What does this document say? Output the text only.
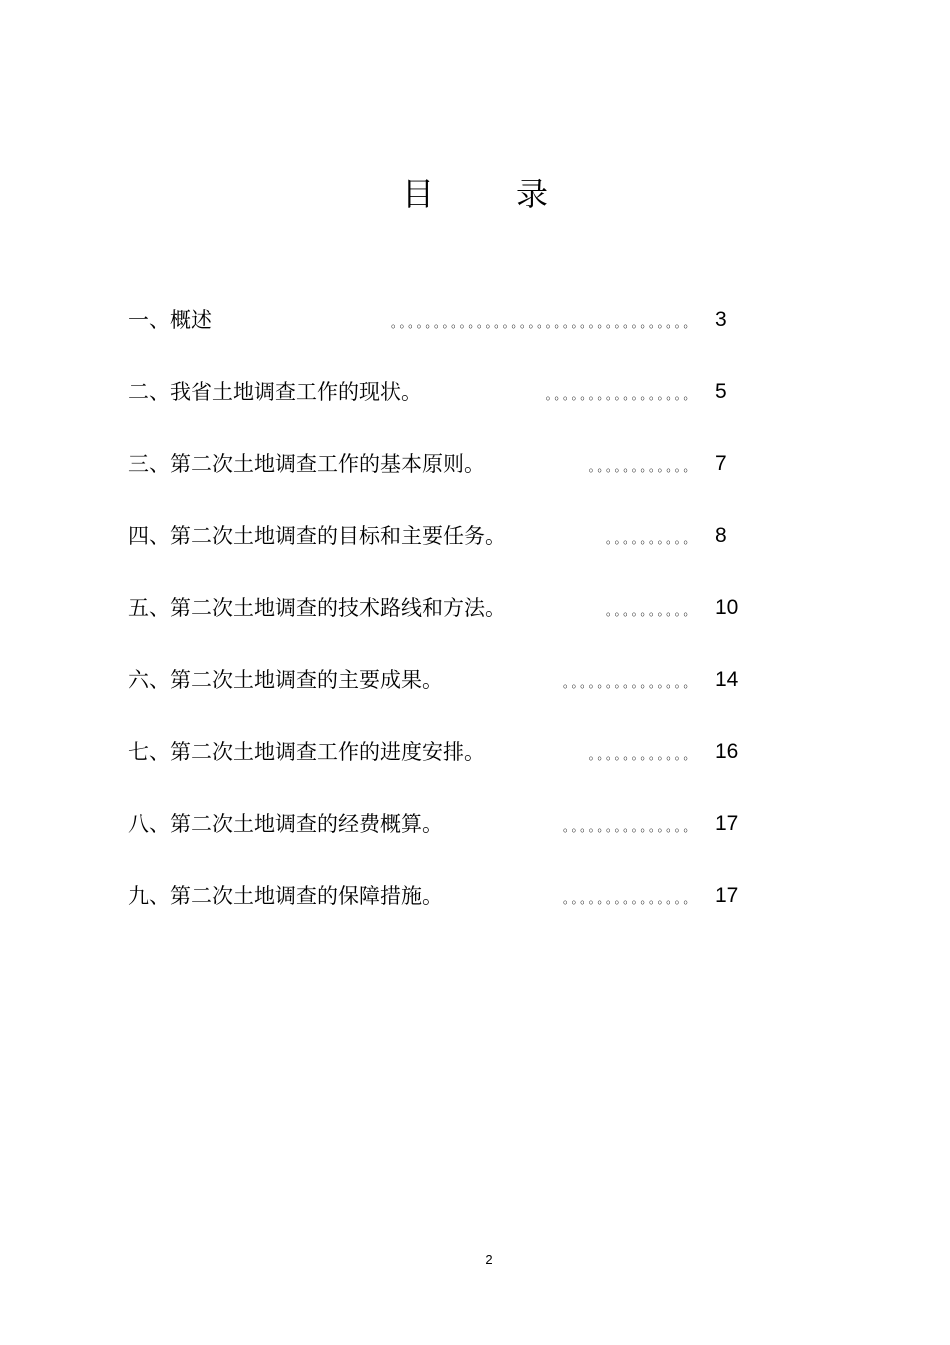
目	录
一、概述	。。。。。。。。。。。。。。。。。。。。。。。。。。。。。。。。。。。 3
二、我省土地调查工作的现状。	。。。。。。。。。。。。。。。。。 5
三、第二次土地调查工作的基本原则。	。。。。。。。。。。。。 7
四、第二次土地调查的目标和主要任务。	。。。。。。。。。。 8
五、第二次土地调查的技术路线和方法。	。。。。。。。。。。 10
六、第二次土地调查的主要成果。	。。。。。。。。。。。。。。。 14
七、第二次土地调查工作的进度安排。	。。。。。。。。。。。。 16
八、第二次土地调查的经费概算。	。。。。。。。。。。。。。。。 17
九、第二次土地调查的保障措施。	。。。。。。。。。。。。。。。 17
2
